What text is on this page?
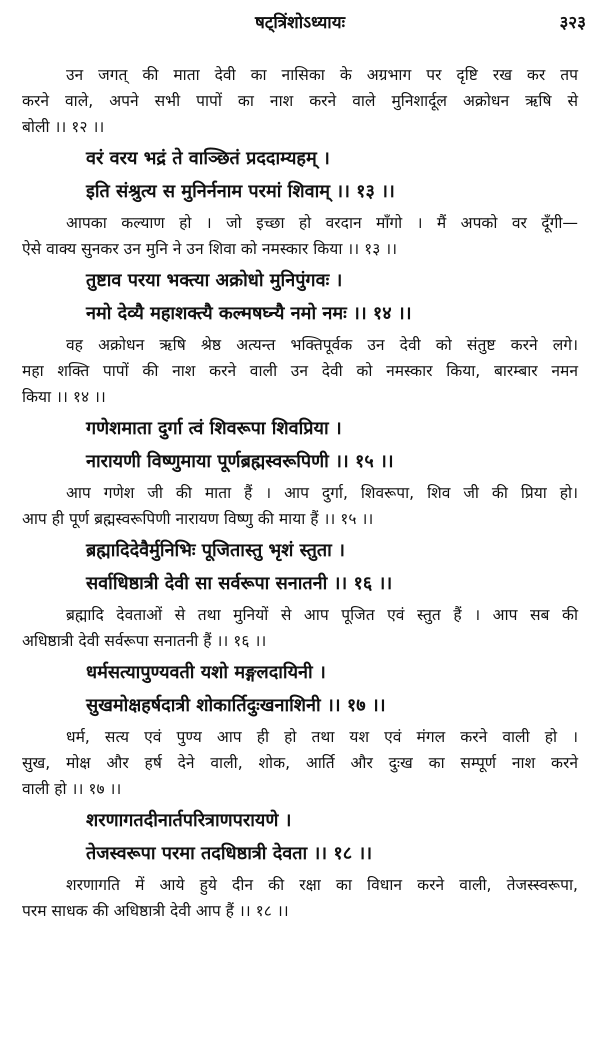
षट्त्रिंशोऽध्यायः	३२३
उन जगत् की माता देवी का नासिका के अग्रभाग पर दृष्टि रख कर तप
करने वाले, अपने सभी पापों का नाश करने वाले मुनिशार्दूल अक्रोधन ऋषि से
बोली ।। १२ ।।
वरं वरय भद्रं ते वाञ्छितं प्रददाम्यहम् ।
इति संश्रुत्य स मुनिर्ननाम परमां शिवाम् ।। १३ ।।
आपका कल्याण हो । जो इच्छा हो वरदान माँगो । मैं अपको वर दूँगी—
ऐसे वाक्य सुनकर उन मुनि ने उन शिवा को नमस्कार किया ।। १३ ।।
तुष्टाव परया भक्त्या अक्रोधो मुनिपुंगवः ।
नमो देव्यै महाशक्त्यै कल्मषघ्न्यै नमो नमः ।। १४ ।।
वह अक्रोधन ऋषि श्रेष्ठ अत्यन्त भक्तिपूर्वक उन देवी को संतुष्ट करने लगे।
महा शक्ति पापों की नाश करने वाली उन देवी को नमस्कार किया, बारम्बार नमन
किया ।। १४ ।।
गणेशमाता दुर्गा त्वं शिवरूपा शिवप्रिया ।
नारायणी विष्णुमाया पूर्णब्रह्मस्वरूपिणी ।। १५ ।।
आप गणेश जी की माता हैं । आप दुर्गा, शिवरूपा, शिव जी की प्रिया हो।
आप ही पूर्ण ब्रह्मस्वरूपिणी नारायण विष्णु की माया हैं ।। १५ ।।
ब्रह्मादिदेवैर्मुनिभिः पूजितास्तु भृशं स्तुता ।
सर्वाधिष्ठात्री देवी सा सर्वरूपा सनातनी ।। १६ ।।
ब्रह्मादि देवताओं से तथा मुनियों से आप पूजित एवं स्तुत हैं । आप सब की
अधिष्ठात्री देवी सर्वरूपा सनातनी हैं ।। १६ ।।
धर्मसत्यापुण्यवती यशो मङ्गलदायिनी ।
सुखमोक्षहर्षदात्री शोकार्तिदुःखनाशिनी ।। १७ ।।
धर्म, सत्य एवं पुण्य आप ही हो तथा यश एवं मंगल करने वाली हो ।
सुख, मोक्ष और हर्ष देने वाली, शोक, आर्ति और दुःख का सम्पूर्ण नाश करने
वाली हो ।। १७ ।।
शरणागतदीनार्तपरित्राणपरायणे ।
तेजस्वरूपा परमा तदधिष्ठात्री देवता ।। १८ ।।
शरणागति में आये हुये दीन की रक्षा का विधान करने वाली, तेजस्स्वरूपा,
परम साधक की अधिष्ठात्री देवी आप हैं ।। १८ ।।
